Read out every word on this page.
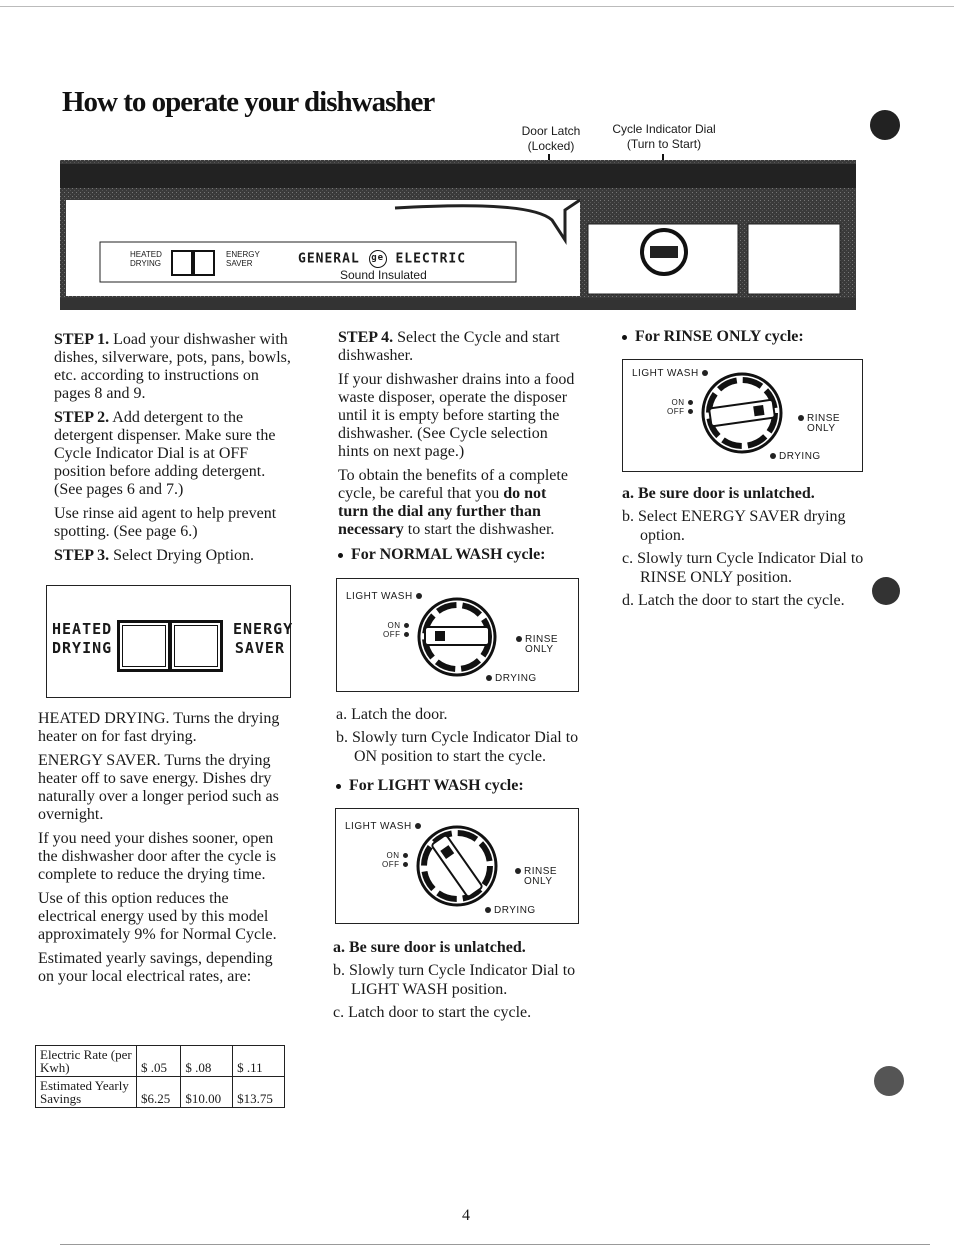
How to operate your dishwasher
Door Latch
(Locked)
Cycle Indicator Dial
(Turn to Start)
HEATED
DRYING
ENERGY
SAVER	GENERAL ge ELECTRIC
Sound Insulated

STEP 1. Load your dishwasher with dishes, silverware, pots, pans, bowls, etc. according to instructions on pages 8 and 9.

STEP 2. Add detergent to the detergent dispenser. Make sure the Cycle Indicator Dial is at OFF position before adding detergent. (See pages 6 and 7.)

Use rinse aid agent to help prevent spotting. (See page 6.)

STEP 3. Select Drying Option.

HEATED
DRYING
ENERGY
SAVER

HEATED DRYING. Turns the drying heater on for fast drying.

ENERGY SAVER. Turns the drying heater off to save energy. Dishes dry naturally over a longer period such as overnight.

If you need your dishes sooner, open the dishwasher door after the cycle is complete to reduce the drying time.

Use of this option reduces the electrical energy used by this model approximately 9% for Normal Cycle.

Estimated yearly savings, depending on your local electrical rates, are:

Electric Rate (per Kwh)	$ .05	$ .08	$ .11
Estimated Yearly Savings	$6.25	$10.00	$13.75

STEP 4. Select the Cycle and start dishwasher.

If your dishwasher drains into a food waste disposer, operate the disposer until it is empty before starting the dishwasher. (See Cycle selection hints on next page.)

To obtain the benefits of a complete cycle, be careful that you do not turn the dial any further than necessary to start the dishwasher.

For NORMAL WASH cycle:
LIGHT WASH
ON
OFF	RINSE
ONLY
DRYING
a. Latch the door.
b. Slowly turn Cycle Indicator Dial to ON position to start the cycle.
For LIGHT WASH cycle:
LIGHT WASH
ON
OFF
RINSE
ONLY
DRYING
a. Be sure door is unlatched.
b. Slowly turn Cycle Indicator Dial to LIGHT WASH position.
c. Latch door to start the cycle.
For RINSE ONLY cycle:
LIGHT WASH
ON
OFF
RINSE
ONLY
DRYING
a. Be sure door is unlatched.
b. Select ENERGY SAVER drying option.
c. Slowly turn Cycle Indicator Dial to RINSE ONLY position.
d. Latch the door to start the cycle.
4
